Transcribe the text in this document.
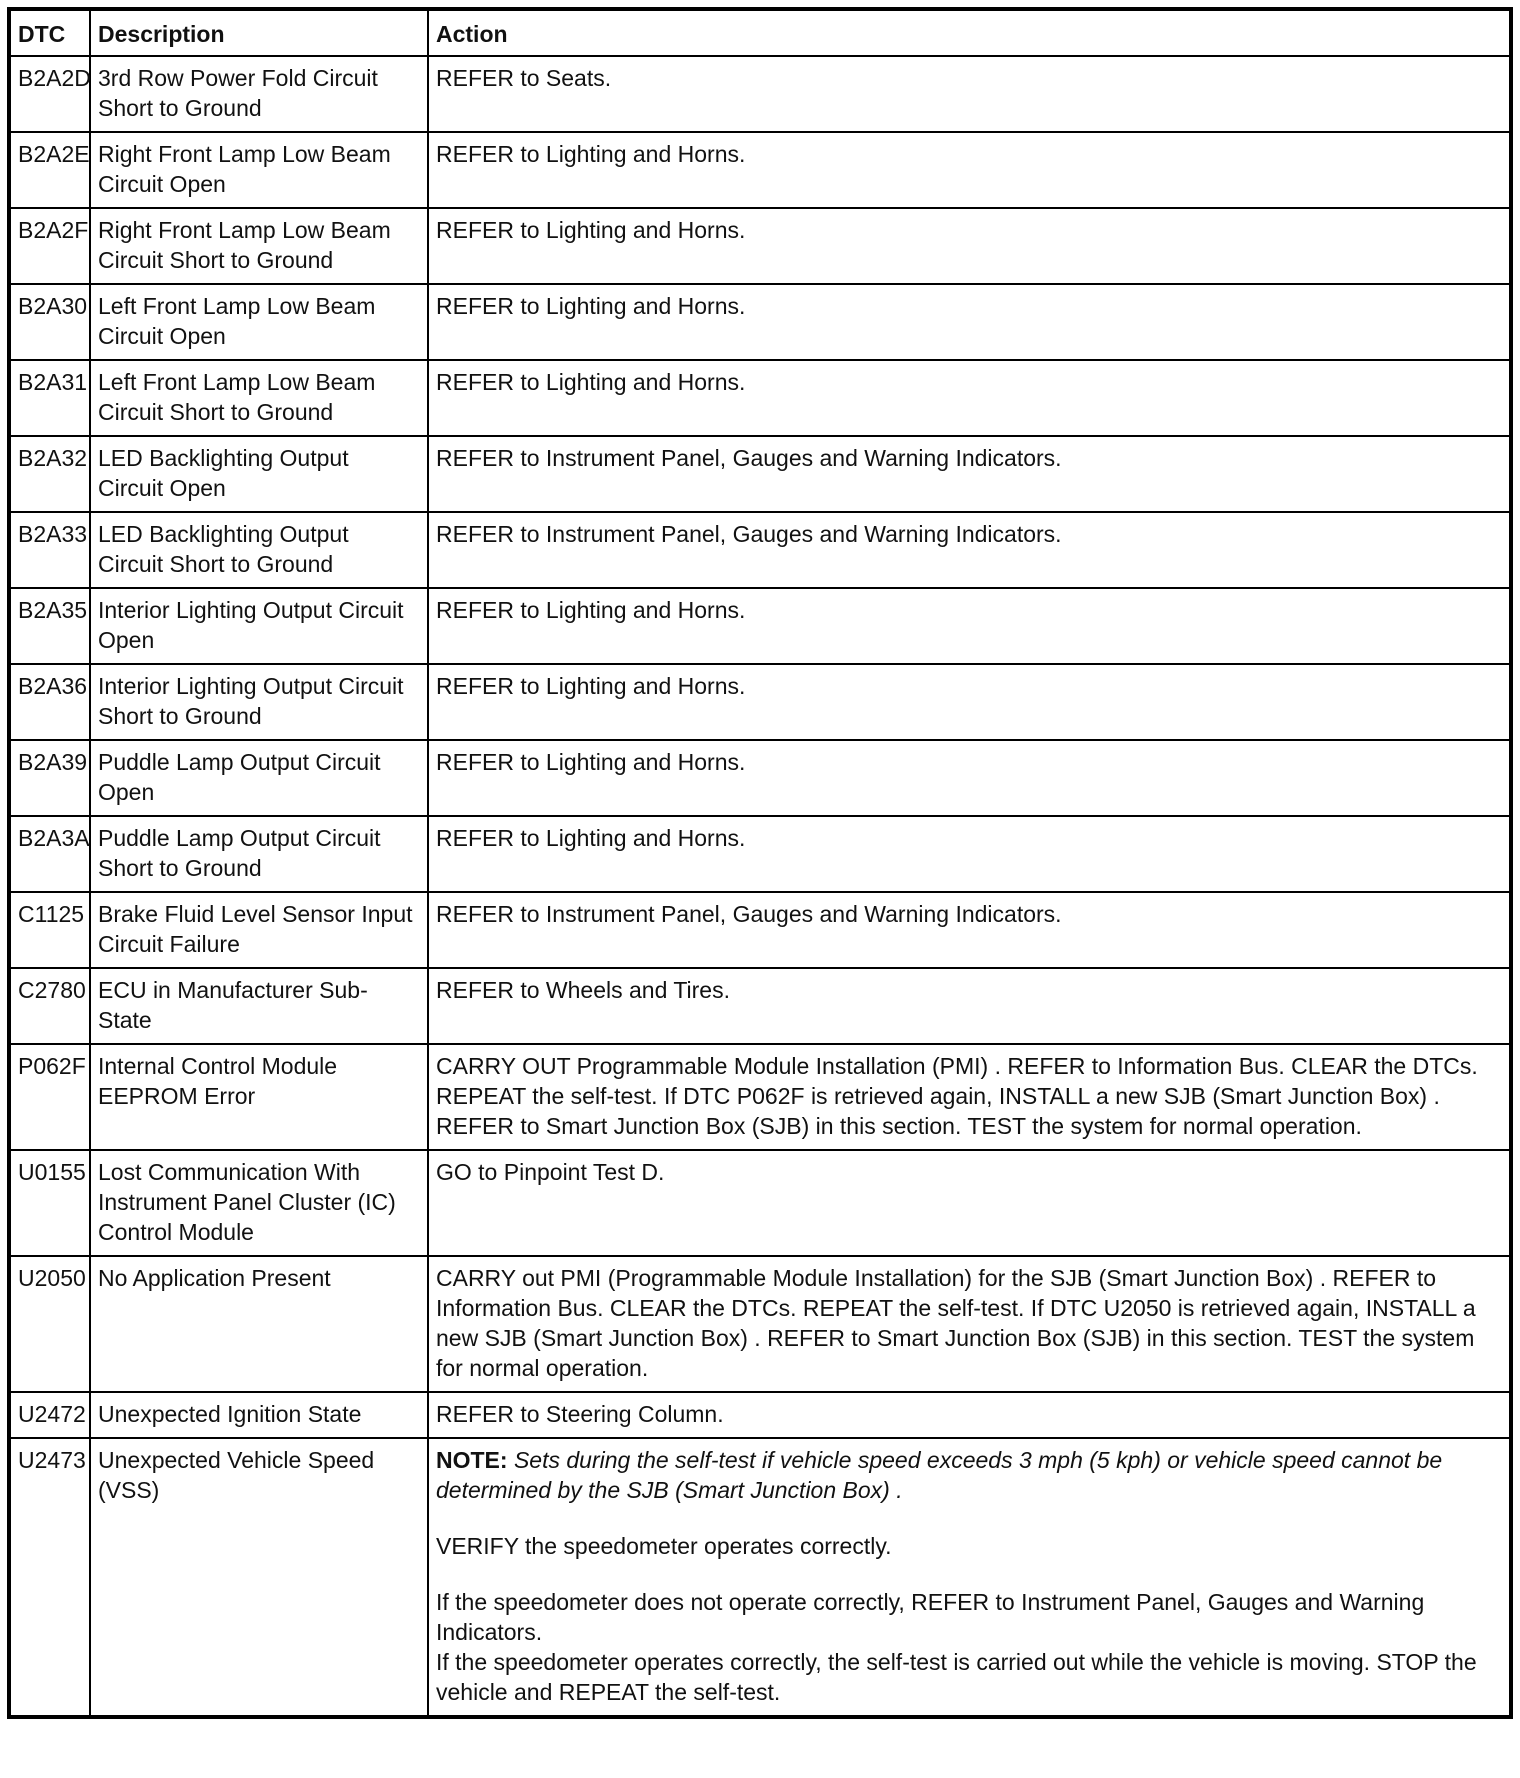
DTC	Description	Action
B2A2D	3rd Row Power Fold Circuit Short to Ground	REFER to Seats.
B2A2E	Right Front Lamp Low Beam Circuit Open	REFER to Lighting and Horns.
B2A2F	Right Front Lamp Low Beam Circuit Short to Ground	REFER to Lighting and Horns.
B2A30	Left Front Lamp Low Beam Circuit Open	REFER to Lighting and Horns.
B2A31	Left Front Lamp Low Beam Circuit Short to Ground	REFER to Lighting and Horns.
B2A32	LED Backlighting Output Circuit Open	REFER to Instrument Panel, Gauges and Warning Indicators.
B2A33	LED Backlighting Output Circuit Short to Ground	REFER to Instrument Panel, Gauges and Warning Indicators.
B2A35	Interior Lighting Output Circuit Open	REFER to Lighting and Horns.
B2A36	Interior Lighting Output Circuit Short to Ground	REFER to Lighting and Horns.
B2A39	Puddle Lamp Output Circuit Open	REFER to Lighting and Horns.
B2A3A	Puddle Lamp Output Circuit Short to Ground	REFER to Lighting and Horns.
C1125	Brake Fluid Level Sensor Input Circuit Failure	REFER to Instrument Panel, Gauges and Warning Indicators.
C2780	ECU in Manufacturer Sub-State	REFER to Wheels and Tires.
P062F	Internal Control Module EEPROM Error	CARRY OUT Programmable Module Installation (PMI) . REFER to Information Bus. CLEAR the DTCs. REPEAT the self-test. If DTC P062F is retrieved again, INSTALL a new SJB (Smart Junction Box) . REFER to Smart Junction Box (SJB) in this section. TEST the system for normal operation.
U0155	Lost Communication With Instrument Panel Cluster (IC) Control Module	GO to Pinpoint Test D.
U2050	No Application Present	CARRY out PMI (Programmable Module Installation) for the SJB (Smart Junction Box) . REFER to Information Bus. CLEAR the DTCs. REPEAT the self-test. If DTC U2050 is retrieved again, INSTALL a new SJB (Smart Junction Box) . REFER to Smart Junction Box (SJB) in this section. TEST the system for normal operation.
U2472	Unexpected Ignition State	REFER to Steering Column.
U2473	Unexpected Vehicle Speed (VSS)	NOTE: Sets during the self-test if vehicle speed exceeds 3 mph (5 kph) or vehicle speed cannot be determined by the SJB (Smart Junction Box) .

VERIFY the speedometer operates correctly.

If the speedometer does not operate correctly, REFER to Instrument Panel, Gauges and Warning Indicators.

If the speedometer operates correctly, the self-test is carried out while the vehicle is moving. STOP the vehicle and REPEAT the self-test.
